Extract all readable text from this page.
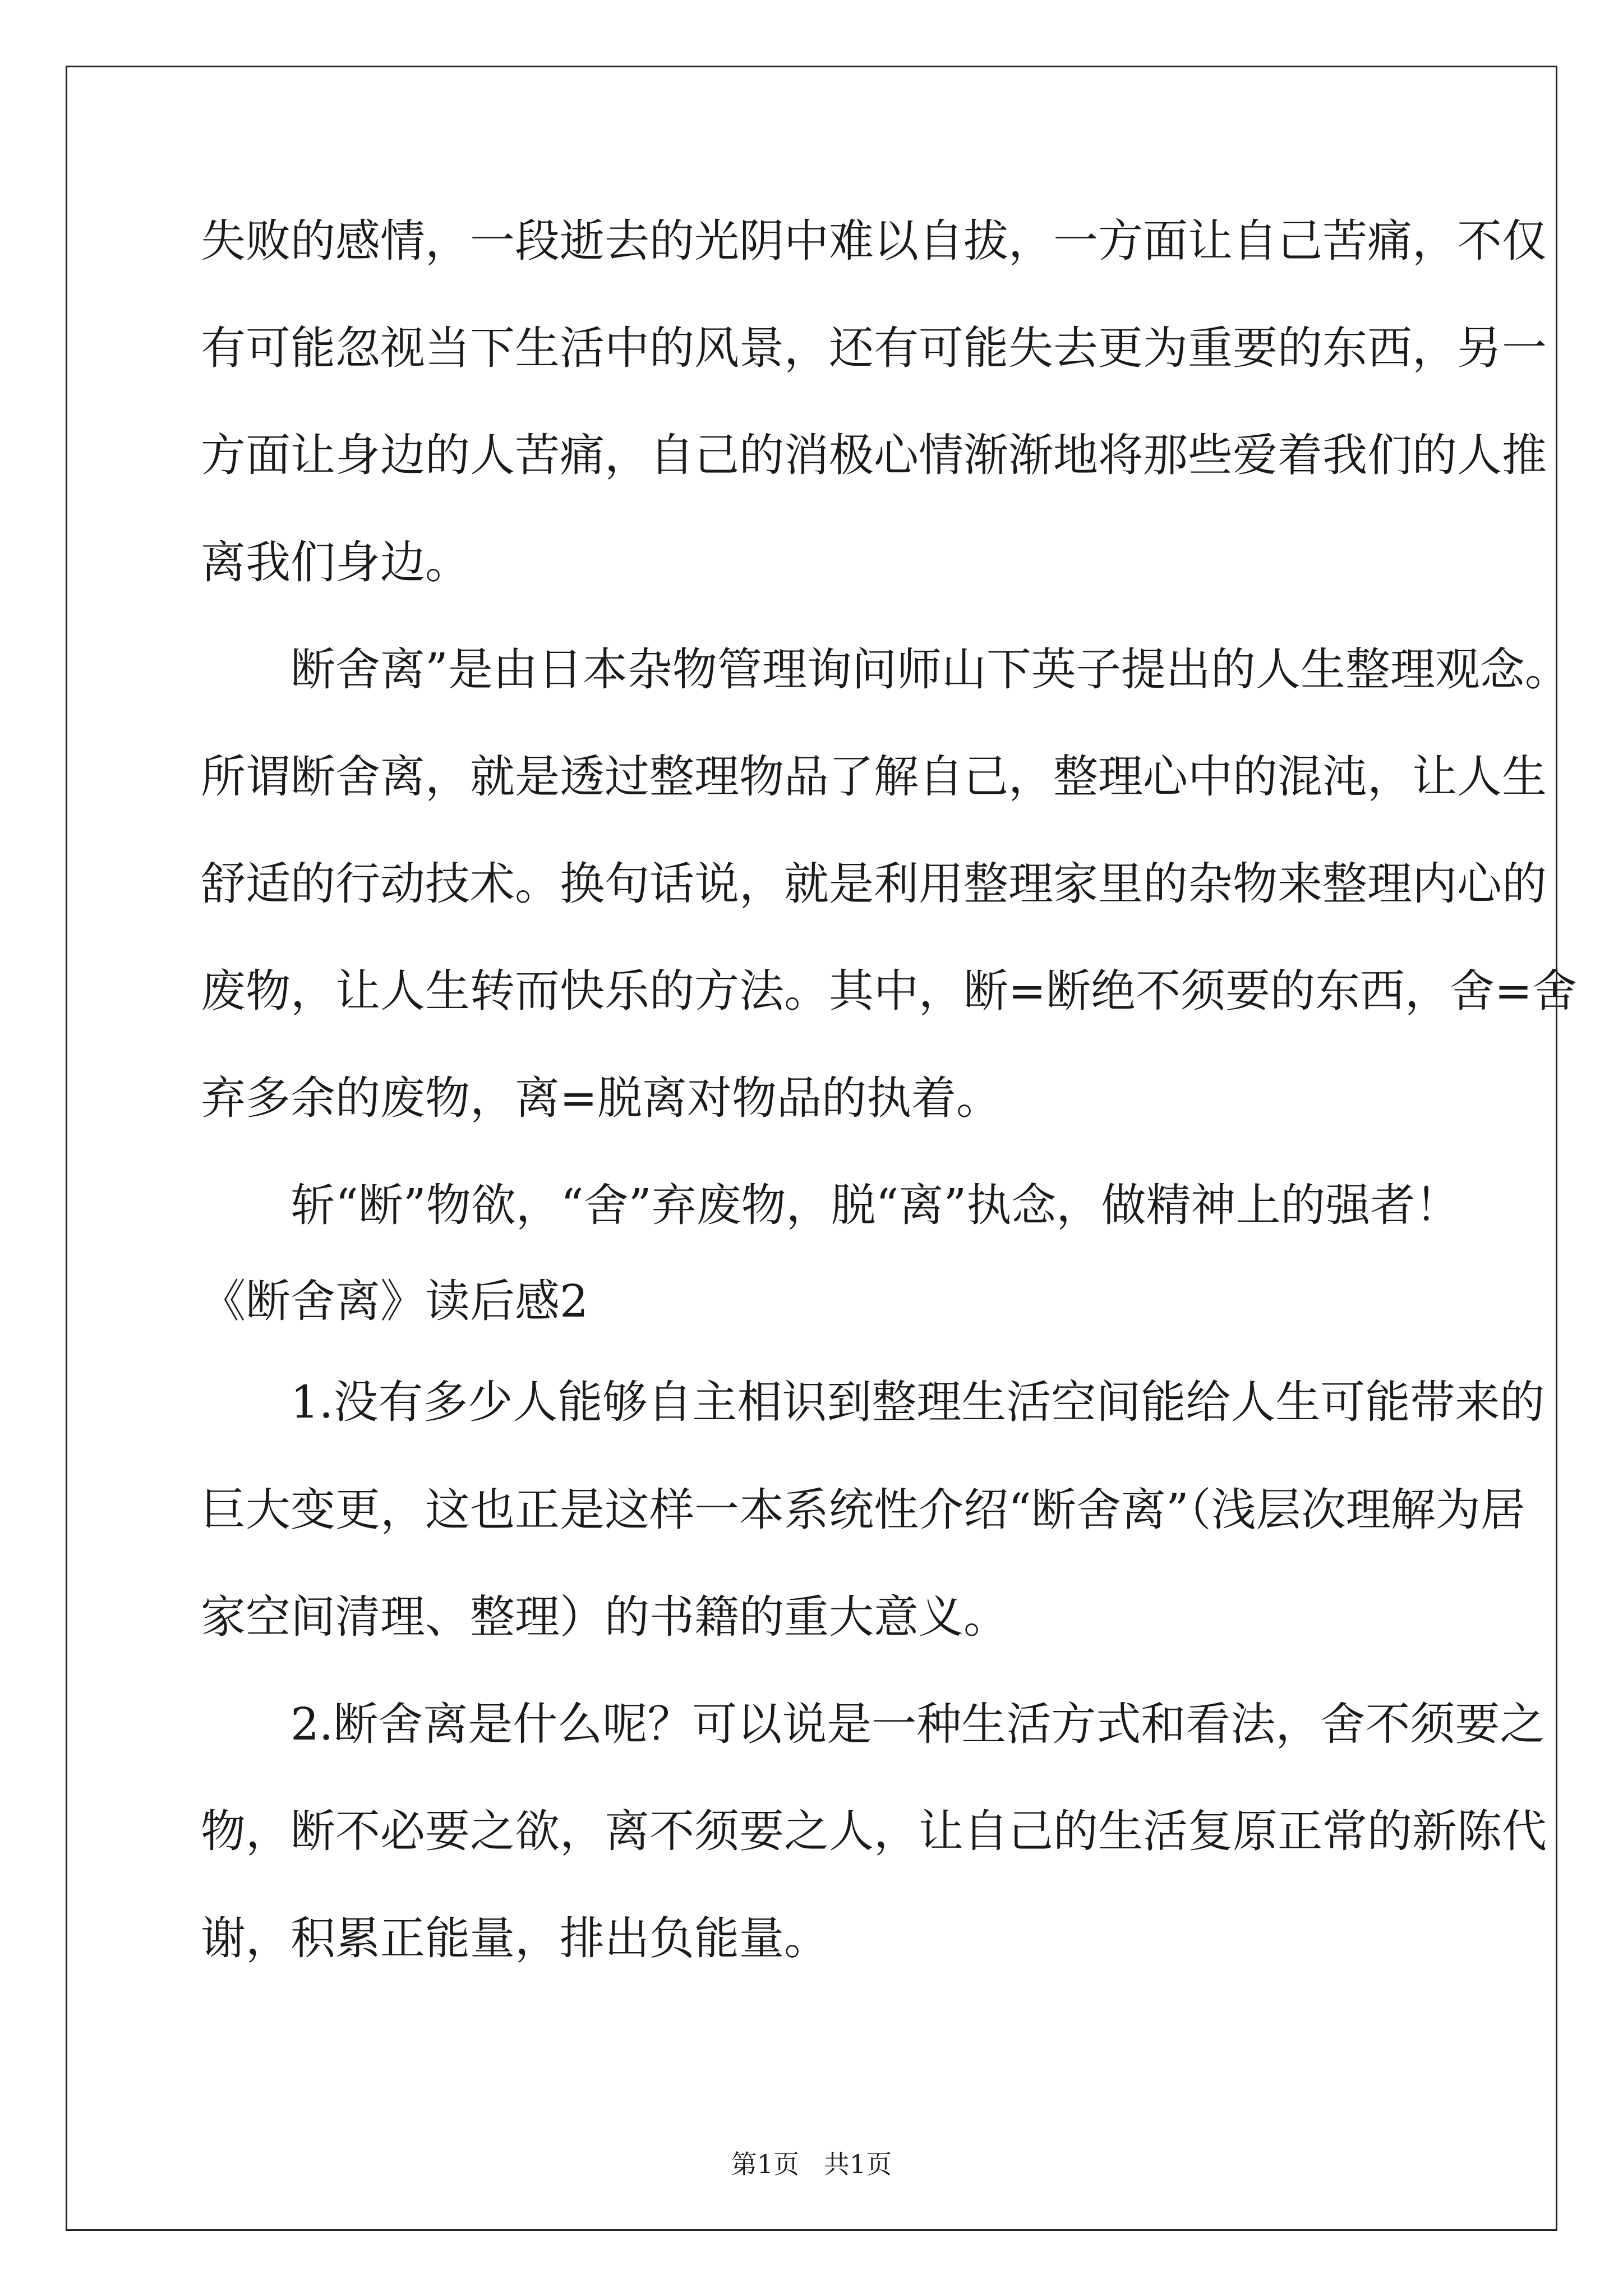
失败的感情，一段逝去的光阴中难以自拔，一方面让自己苦痛，不仅
有可能忽视当下生活中的风景，还有可能失去更为重要的东西，另一
方面让身边的人苦痛，自己的消极心情渐渐地将那些爱着我们的人推
离我们身边。
断舍离”是由日本杂物管理询问师山下英子提出的人生整理观念。
所谓断舍离，就是透过整理物品了解自己，整理心中的混沌，让人生
舒适的行动技术。换句话说，就是利用整理家里的杂物来整理内心的
废物，让人生转而快乐的方法。其中，断=断绝不须要的东西，舍=舍
弃多余的废物，离=脱离对物品的执着。
斩“断”物欲，“舍”弃废物，脱“离”执念，做精神上的强者！
《断舍离》读后感2
1.没有多少人能够自主相识到整理生活空间能给人生可能带来的
巨大变更，这也正是这样一本系统性介绍“断舍离”（浅层次理解为居
家空间清理、整理）的书籍的重大意义。
2.断舍离是什么呢？可以说是一种生活方式和看法，舍不须要之
物，断不必要之欲，离不须要之人，让自己的生活复原正常的新陈代
谢，积累正能量，排出负能量。
第1页   共1页
